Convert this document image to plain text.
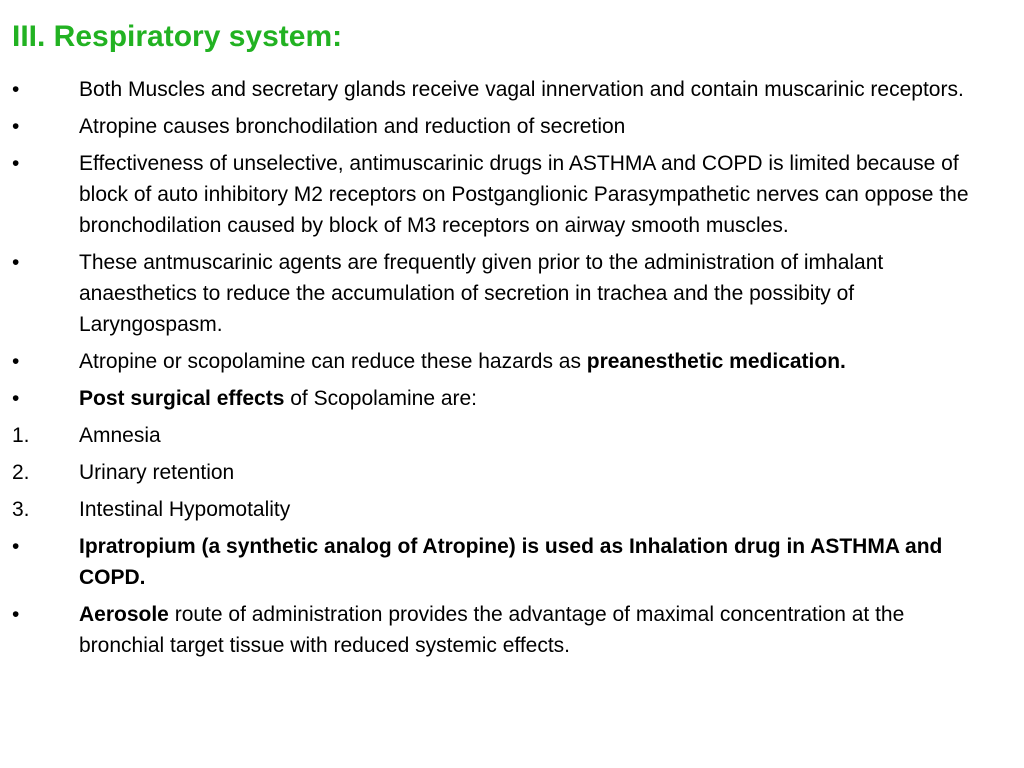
III. Respiratory system:
•	Both Muscles and secretary glands receive vagal innervation and contain muscarinic receptors.
•	Atropine causes bronchodilation and reduction of secretion
•	Effectiveness of unselective, antimuscarinic drugs in ASTHMA and COPD is limited because of block of auto inhibitory M2 receptors on Postganglionic Parasympathetic nerves can oppose the bronchodilation caused by block of M3 receptors on airway smooth muscles.
•	These antmuscarinic agents are frequently given prior to the administration of imhalant anaesthetics to reduce the accumulation of secretion in trachea and the possibity of Laryngospasm.
•	Atropine or scopolamine can reduce these hazards as preanesthetic medication.
•	Post surgical effects of Scopolamine are:
1.	Amnesia
2.	Urinary retention
3.	Intestinal Hypomotality
•	Ipratropium (a synthetic analog of Atropine) is used as Inhalation drug in ASTHMA and COPD.
•	Aerosole route of administration provides the advantage of maximal concentration at the bronchial target tissue with reduced systemic effects.
